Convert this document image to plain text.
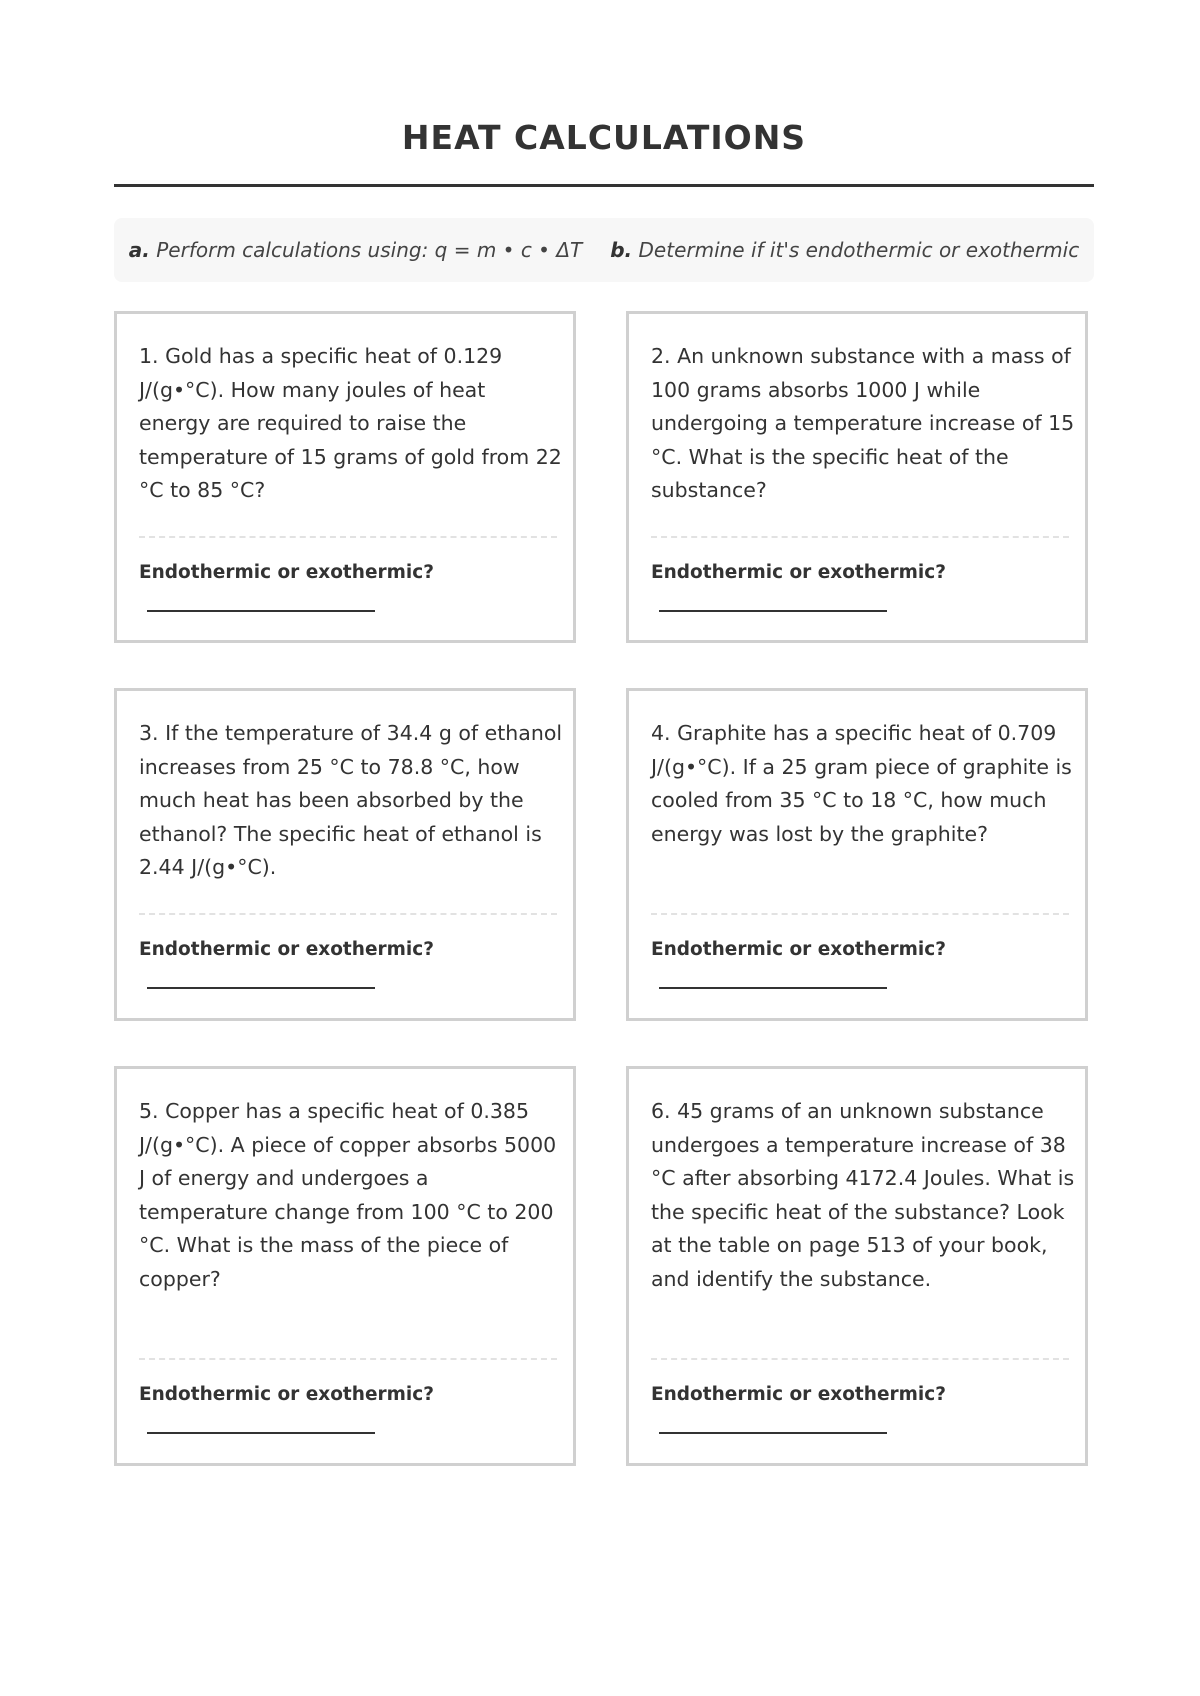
HEAT CALCULATIONS
a. Perform calculations using: q = m • c • ΔT b. Determine if it's endothermic or exothermic
1. Gold has a specific heat of 0.129 J/(g•°C). How many joules of heat energy are required to raise the temperature of 15 grams of gold from 22 °C to 85 °C?
Endothermic or exothermic?
2. An unknown substance with a mass of 100 grams absorbs 1000 J while undergoing a temperature increase of 15 °C. What is the specific heat of the substance?
Endothermic or exothermic?
3. If the temperature of 34.4 g of ethanol increases from 25 °C to 78.8 °C, how much heat has been absorbed by the ethanol? The specific heat of ethanol is 2.44 J/(g•°C).
Endothermic or exothermic?
4. Graphite has a specific heat of 0.709 J/(g•°C). If a 25 gram piece of graphite is cooled from 35 °C to 18 °C, how much energy was lost by the graphite?
Endothermic or exothermic?
5. Copper has a specific heat of 0.385 J/(g•°C). A piece of copper absorbs 5000 J of energy and undergoes a temperature change from 100 °C to 200 °C. What is the mass of the piece of copper?
Endothermic or exothermic?
6. 45 grams of an unknown substance undergoes a temperature increase of 38 °C after absorbing 4172.4 Joules. What is the specific heat of the substance? Look at the table on page 513 of your book, and identify the substance.
Endothermic or exothermic?
